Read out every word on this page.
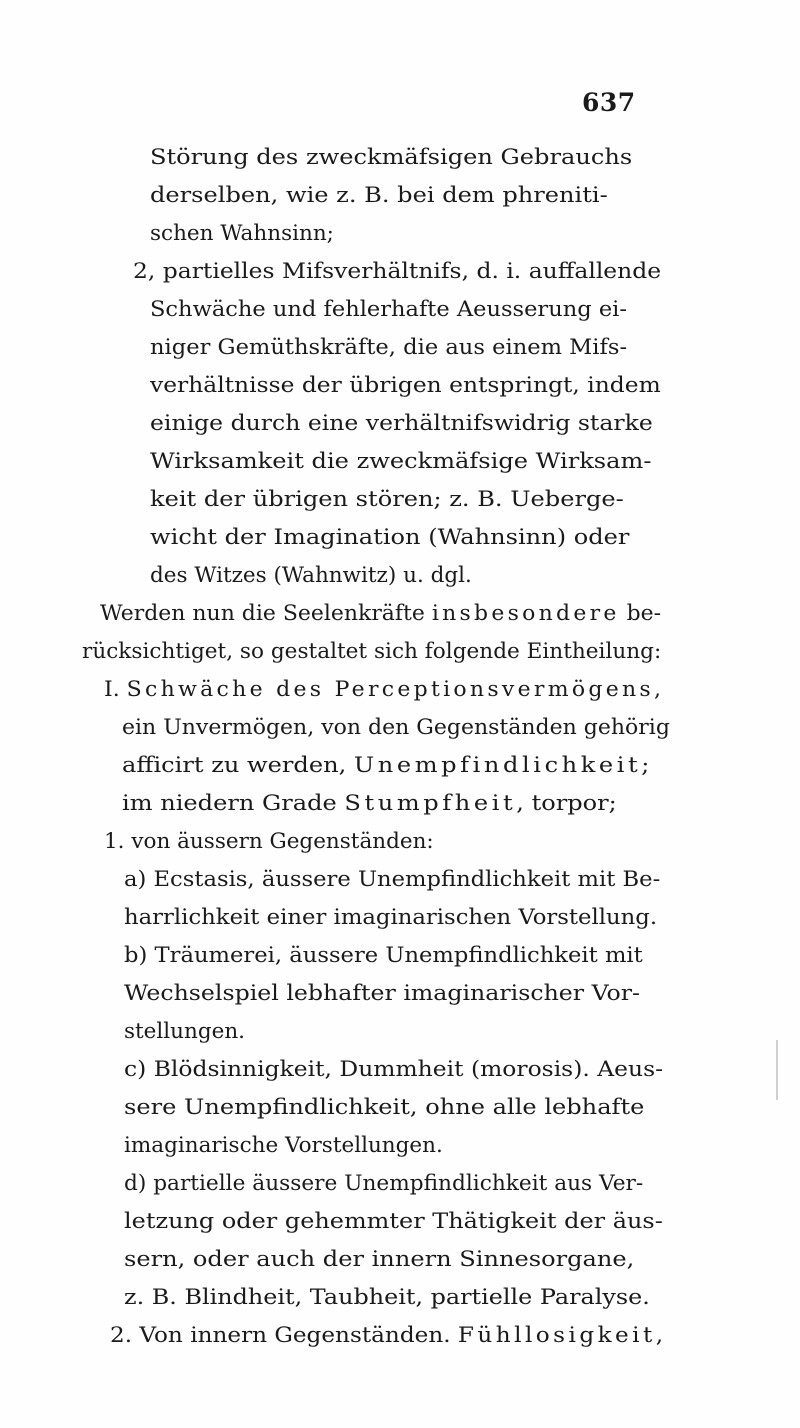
637
Störung des zweckmäfsigen Gebrauchs
derselben, wie z. B. bei dem phreniti-
schen Wahnsinn;
2, partielles Mifsverhältnifs, d. i. auffallende
Schwäche und fehlerhafte Aeusserung ei-
niger Gemüthskräfte, die aus einem Mifs-
verhältnisse der übrigen entspringt, indem
einige durch eine verhältnifswidrig starke
Wirksamkeit die zweckmäfsige Wirksam-
keit der übrigen stören; z. B. Ueberge-
wicht der Imagination (Wahnsinn) oder
des Witzes (Wahnwitz) u. dgl.
Werden nun die Seelenkräfte insbesondere be-
rücksichtiget, so gestaltet sich folgende Eintheilung:
I. Schwäche des Perceptionsvermögens,
ein Unvermögen, von den Gegenständen gehörig
afficirt zu werden, Unempfindlichkeit;
im niedern Grade Stumpfheit, torpor;
1. von äussern Gegenständen:
a) Ecstasis, äussere Unempfindlichkeit mit Be-
harrlichkeit einer imaginarischen Vorstellung.
b) Träumerei, äussere Unempfindlichkeit mit
Wechselspiel lebhafter imaginarischer Vor-
stellungen.
c) Blödsinnigkeit, Dummheit (morosis). Aeus-
sere Unempfindlichkeit, ohne alle lebhafte
imaginarische Vorstellungen.
d) partielle äussere Unempfindlichkeit aus Ver-
letzung oder gehemmter Thätigkeit der äus-
sern, oder auch der innern Sinnesorgane,
z. B. Blindheit, Taubheit, partielle Paralyse.
2. Von innern Gegenständen. Fühllosigkeit,
